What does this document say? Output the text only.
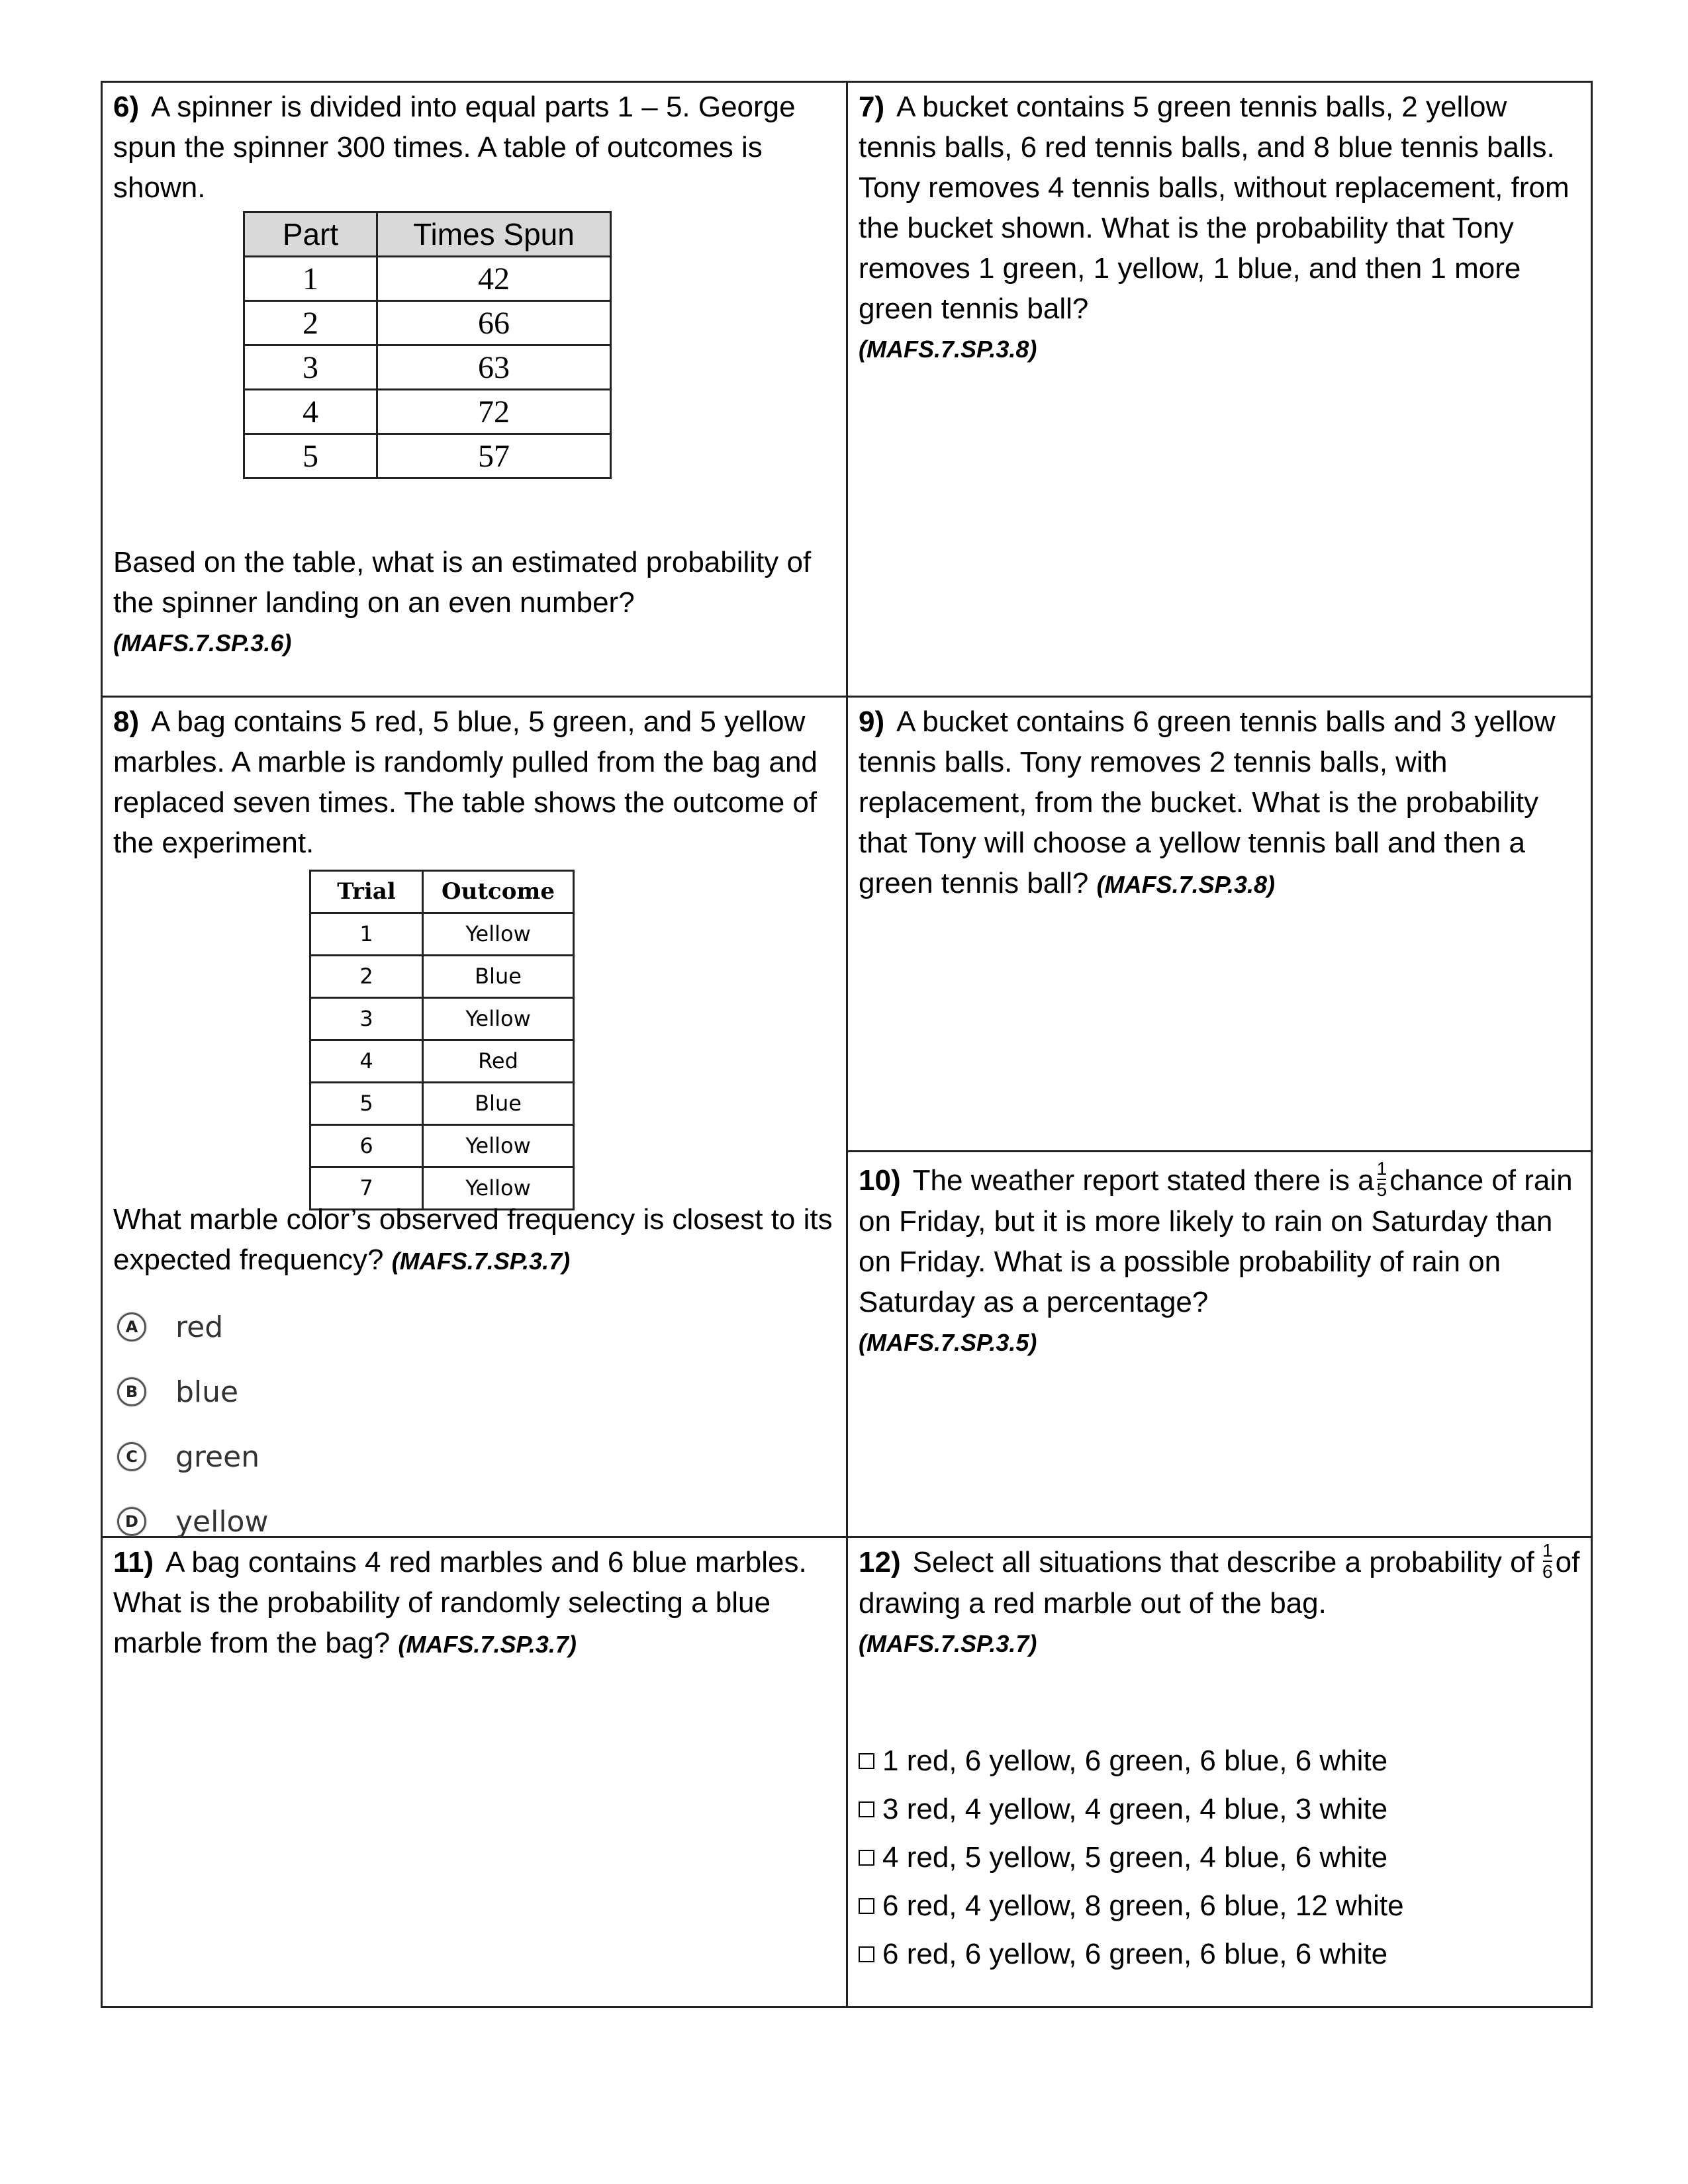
6) A spinner is divided into equal parts 1 – 5. George spun the spinner 300 times. A table of outcomes is shown.
Part	Times Spun
1	42
2	66
3	63
4	72
5	57
Based on the table, what is an estimated probability of the spinner landing on an even number?
(MAFS.7.SP.3.6)
7) A bucket contains 5 green tennis balls, 2 yellow tennis balls, 6 red tennis balls, and 8 blue tennis balls. Tony removes 4 tennis balls, without replacement, from the bucket shown. What is the probability that Tony removes 1 green, 1 yellow, 1 blue, and then 1 more green tennis ball?
(MAFS.7.SP.3.8)
8) A bag contains 5 red, 5 blue, 5 green, and 5 yellow marbles. A marble is randomly pulled from the bag and replaced seven times. The table shows the outcome of the experiment.
Trial	Outcome
1	Yellow
2	Blue
3	Yellow
4	Red
5	Blue
6	Yellow
7	Yellow
What marble color’s observed frequency is closest to its expected frequency? (MAFS.7.SP.3.7)
A red
B blue
C green
D yellow
9) A bucket contains 6 green tennis balls and 3 yellow tennis balls. Tony removes 2 tennis balls, with replacement, from the bucket. What is the probability that Tony will choose a yellow tennis ball and then a green tennis ball? (MAFS.7.SP.3.8)
10) The weather report stated there is a $\frac{1}{5}$ chance of rain on Friday, but it is more likely to rain on Saturday than on Friday. What is a possible probability of rain on Saturday as a percentage?
(MAFS.7.SP.3.5)
11) A bag contains 4 red marbles and 6 blue marbles. What is the probability of randomly selecting a blue marble from the bag? (MAFS.7.SP.3.7)
12) Select all situations that describe a probability of $\frac{1}{6}$ of drawing a red marble out of the bag.
(MAFS.7.SP.3.7)
1 red, 6 yellow, 6 green, 6 blue, 6 white
3 red, 4 yellow, 4 green, 4 blue, 3 white
4 red, 5 yellow, 5 green, 4 blue, 6 white
6 red, 4 yellow, 8 green, 6 blue, 12 white
6 red, 6 yellow, 6 green, 6 blue, 6 white
